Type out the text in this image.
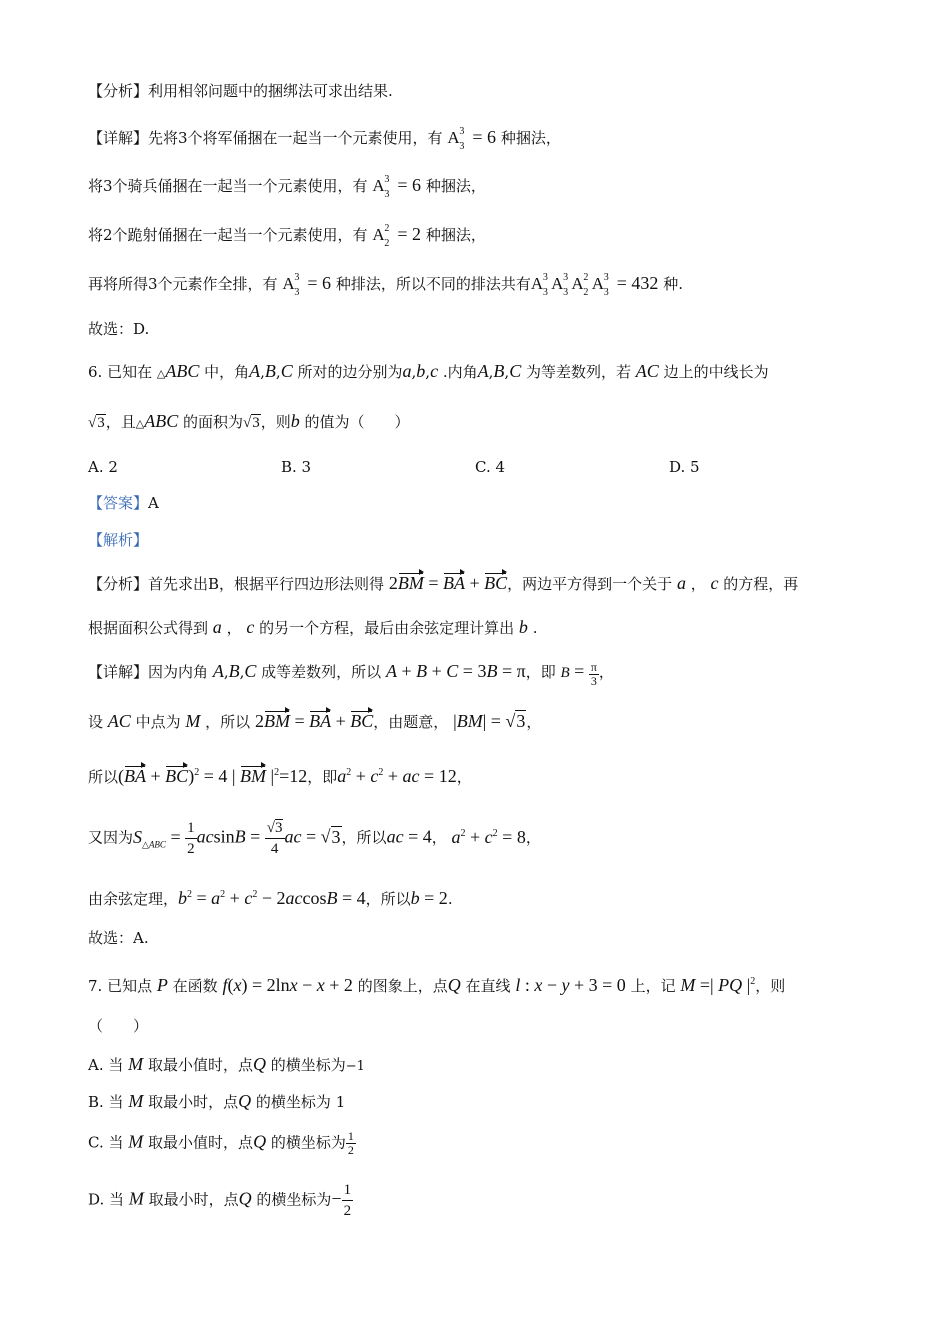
【分析】利用相邻问题中的捆绑法可求出结果.
【详解】先将3个将军俑捆在一起当一个元素使用，有 A 3
3 = 6 种捆法，
将3个骑兵俑捆在一起当一个元素使用，有 A 3
3 = 6 种捆法，
将2个跪射俑捆在一起当一个元素使用，有 A 2
2 = 2 种捆法，
再将所得3个元素作全排，有 A 3
3 = 6 种排法，所以不同的排法共有A 3
3 A 3
3 A 2
2 A 3
3 = 432 种.
故选：D.
6. 已知在 △ABC 中，角A,B,C 所对的边分别为a,b,c .内角A,B,C 为等差数列，若 AC 边上的中线长为
√3，且△ABC 的面积为√3，则b 的值为（　　）
A. 2	B. 3	C. 4	D. 5
【答案】A
【解析】
【分析】首先求出B，根据平行四边形法则得 2BM = BA + BC，两边平方得到一个关于 a ， c 的方程，再
根据面积公式得到 a ， c 的另一个方程，最后由余弦定理计算出 b .
【详解】因为内角 A,B,C 成等差数列，所以 A + B + C = 3B = π，即 $B = \frac{\pi}{3}$ ，
设 AC 中点为 M ，所以 2BM = BA + BC，由题意， |BM| = √3，
所以(BA + BC)$^2$ = 4 | BM $|^2=12$，即$a^2 + c^2$ + ac = 12，
又因为$S_{\triangle ABC} = \frac{1}{2}$ $acsinB = \frac{√3}{4}$ ac = √3，所以ac = 4， $a^2 + c^2 = 8$，
由余弦定理，$b^2 = a^2 + c^2 - 2accosB = 4$，所以b = 2.
故选：A.
7. 已知点 P 在函数 f(x) = 2lnx − x + 2 的图象上，点Q 在直线 l : x − y + 3 = 0 上，记 M =| PQ $|^2$，则
（　　）
A. 当 M 取最小值时，点Q 的横坐标为−1
B. 当 M 取最小时，点Q 的横坐标为 1
C. 当 M 取最小值时，点Q 的横坐标为 $\frac{1}{2}$
D. 当 M 取最小时，点Q 的横坐标为− $\frac{1}{2}$
